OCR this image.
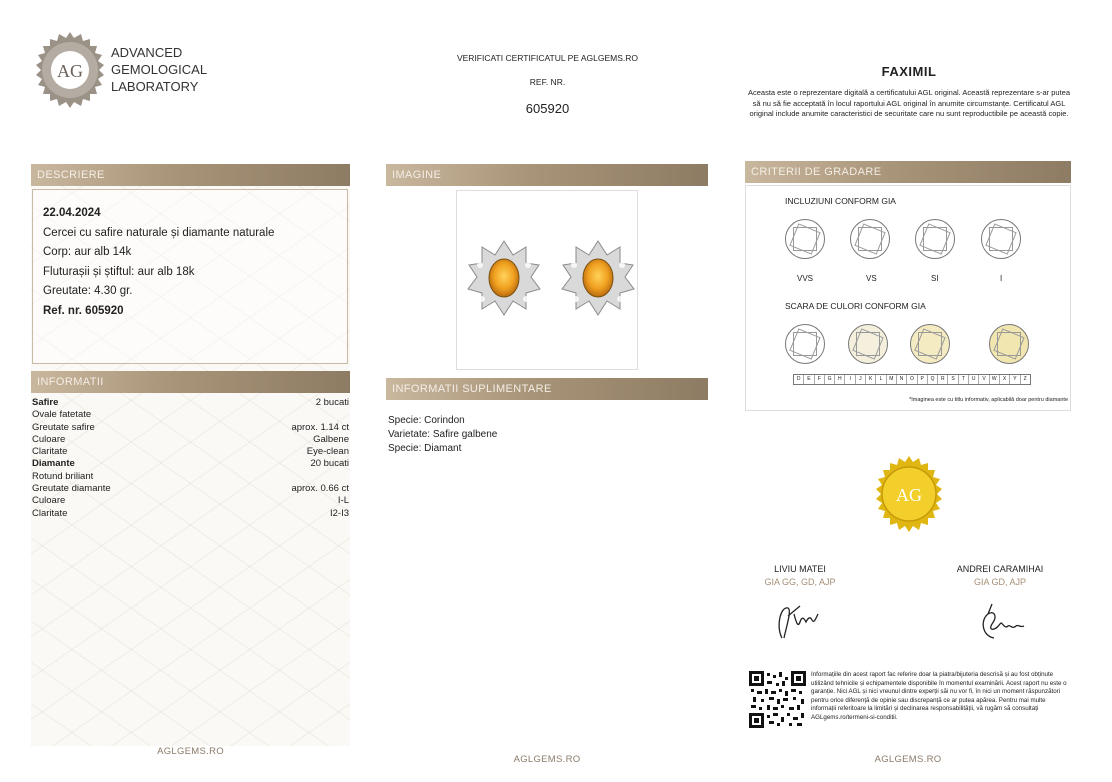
AG
ADVANCED
GEMOLOGICAL
LABORATORY
VERIFICATI CERTIFICATUL PE AGLGEMS.RO
REF. NR.
605920
FAXIMIL
Aceasta este o reprezentare digitală a certificatului AGL original. Această reprezentare s-ar putea să nu să fie acceptată în locul raportului AGL original în anumite circumstanțe. Certificatul AGL original include anumite caracteristici de securitate care nu sunt reproductibile pe această copie.
DESCRIERE
22.04.2024
Cercei cu safire naturale și diamante naturale
Corp: aur alb 14k
Fluturașii și știftul: aur alb 18k
Greutate: 4.30 gr.
Ref. nr. 605920
INFORMATII
Safire	2 bucati
Ovale fatetate
Greutate safire	aprox. 1.14 ct
Culoare	Galbene
Claritate	Eye-clean
Diamante	20 bucati
Rotund briliant
Greutate diamante	aprox. 0.66 ct
Culoare	I-L
Claritate	I2-I3
AGLGEMS.RO
IMAGINE
INFORMATII SUPLIMENTARE
Specie: Corindon
Varietate: Safire galbene
Specie: Diamant
AGLGEMS.RO
CRITERII DE GRADARE
INCLUZIUNI CONFORM GIA
VVS	VS	SI	I
SCARA DE CULORI CONFORM GIA
D	E	F	G	H	I	J	K	L	M	N	O	P	Q	R	S	T	U	V	W	X	Y	Z
*Imaginea este cu titlu informativ, aplicabilă doar pentru diamante
AG
LIVIU MATEI
GIA GG, GD, AJP
ANDREI CARAMIHAI
GIA GD, AJP
Informațiile din acest raport fac referire doar la piatra/bijuteria descrisă și au fost obținute utilizând tehnicile și echipamentele disponibile în momentul examinării. Acest raport nu este o garanție. Nici AGL și nici vreunul dintre experții săi nu vor fi, în nici un moment răspunzători pentru orice diferență de opinie sau discrepanță ce ar putea apărea. Pentru mai multe informații referitoare la limitări și declinarea responsabilității, vă rugăm să consultați AGLgems.ro/termeni-si-conditii.
AGLGEMS.RO
